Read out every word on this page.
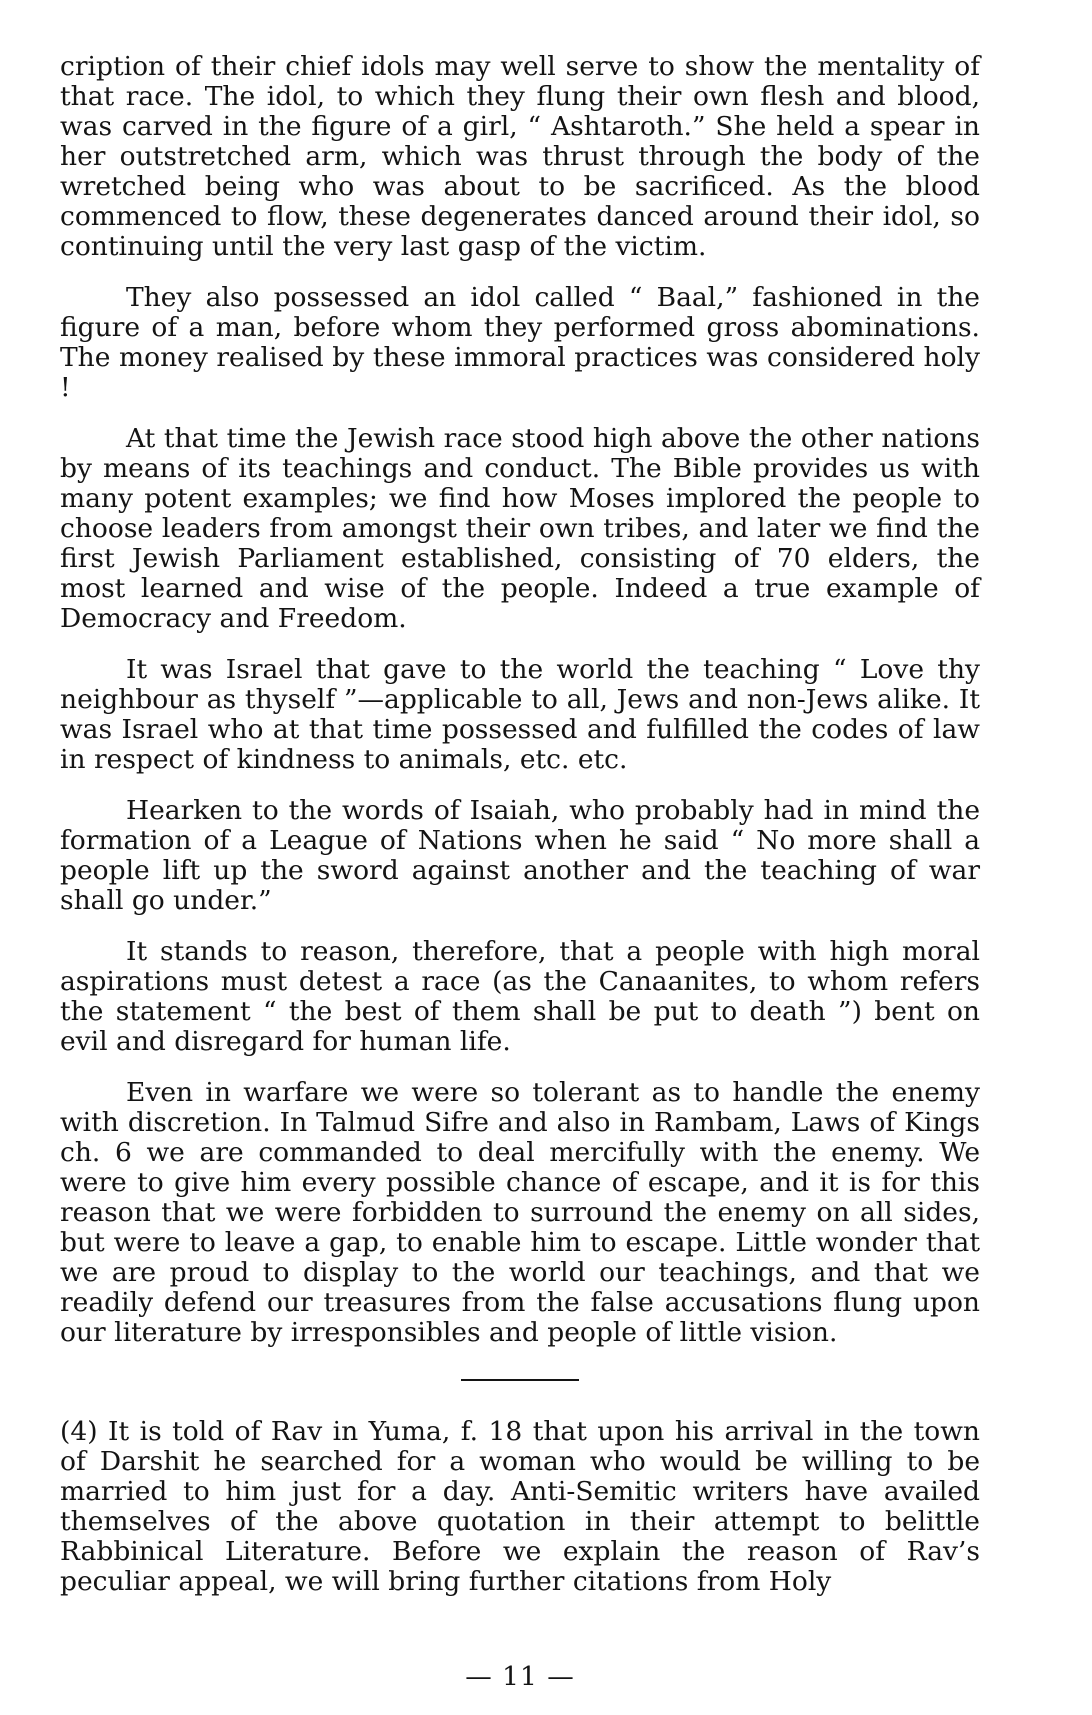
cription of their chief idols may well serve to show the mentality of that race. The idol, to which they flung their own flesh and blood, was carved in the figure of a girl, “ Ashtaroth.” She held a spear in her outstretched arm, which was thrust through the body of the wretched being who was about to be sacrificed. As the blood commenced to flow, these degenerates danced around their idol, so continuing until the very last gasp of the victim.

They also possessed an idol called “ Baal,” fashioned in the figure of a man, before whom they performed gross abominations. The money realised by these immoral practices was considered holy !

At that time the Jewish race stood high above the other nations by means of its teachings and conduct. The Bible provides us with many potent examples; we find how Moses implored the people to choose leaders from amongst their own tribes, and later we find the first Jewish Parliament established, consisting of 70 elders, the most learned and wise of the people. Indeed a true example of Democracy and Freedom.

It was Israel that gave to the world the teaching “ Love thy neighbour as thyself ”—applicable to all, Jews and non-Jews alike. It was Israel who at that time possessed and fulfilled the codes of law in respect of kindness to animals, etc. etc.

Hearken to the words of Isaiah, who probably had in mind the formation of a League of Nations when he said “ No more shall a people lift up the sword against another and the teaching of war shall go under.”

It stands to reason, therefore, that a people with high moral aspirations must detest a race (as the Canaanites, to whom refers the statement “ the best of them shall be put to death ”) bent on evil and disregard for human life.

Even in warfare we were so tolerant as to handle the enemy with discretion. In Talmud Sifre and also in Rambam, Laws of Kings ch. 6 we are commanded to deal mercifully with the enemy. We were to give him every possible chance of escape, and it is for this reason that we were forbidden to surround the enemy on all sides, but were to leave a gap, to enable him to escape. Little wonder that we are proud to display to the world our teachings, and that we readily defend our treasures from the false accusations flung upon our literature by irresponsibles and people of little vision.

(4) It is told of Rav in Yuma, f. 18 that upon his arrival in the town of Darshit he searched for a woman who would be willing to be married to him just for a day. Anti-Semitic writers have availed themselves of the above quotation in their attempt to belittle Rabbinical Literature. Before we explain the reason of Rav’s peculiar appeal, we will bring further citations from Holy

— 11 —
